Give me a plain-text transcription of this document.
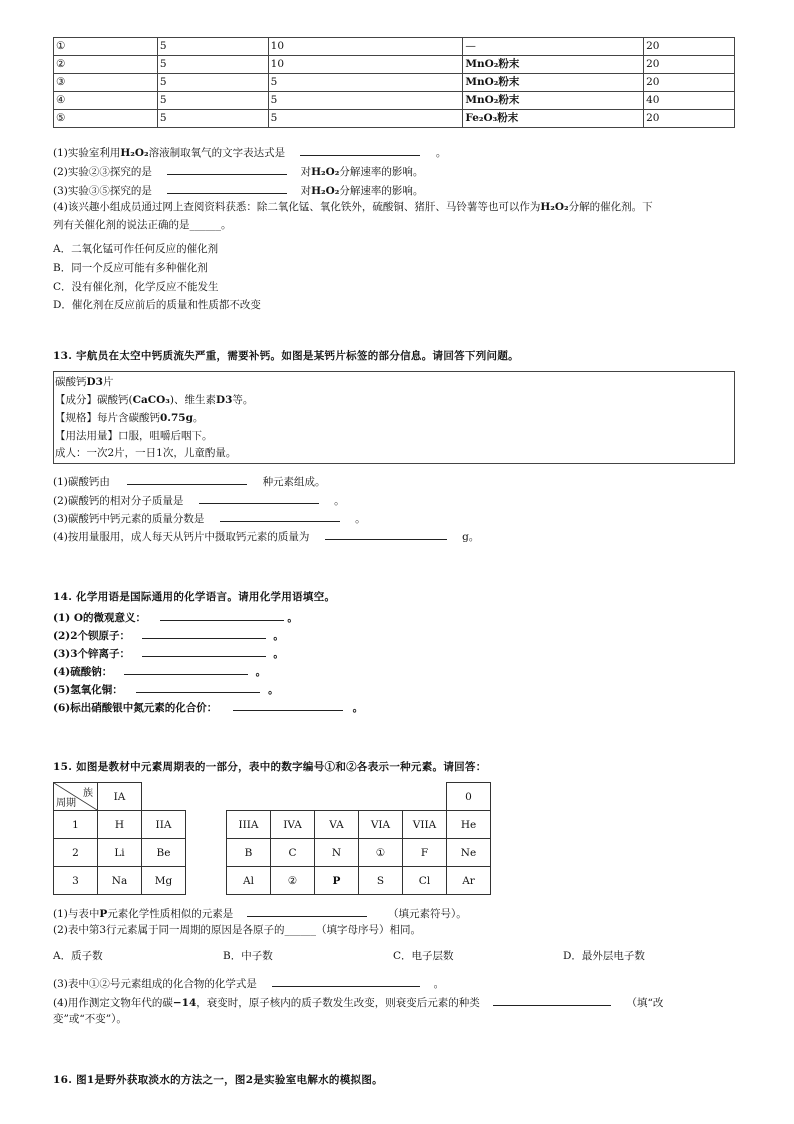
①	5	10	—	20
②	5	10	MnO₂粉末	20
③	5	5	MnO₂粉末	20
④	5	5	MnO₂粉末	40
⑤	5	5	Fe₂O₃粉末	20
(1)实验室利用H₂O₂溶液制取氧气的文字表达式是	。
(2)实验②③探究的是	对H₂O₂分解速率的影响。
(3)实验③⑤探究的是	对H₂O₂分解速率的影响。
(4)该兴趣小组成员通过网上查阅资料获悉：除二氧化锰、氧化铁外，硫酸铜、猪肝、马铃薯等也可以作为H₂O₂分解的催化剂。下
列有关催化剂的说法正确的是______。
A．二氧化锰可作任何反应的催化剂
B．同一个反应可能有多种催化剂
C．没有催化剂，化学反应不能发生
D．催化剂在反应前后的质量和性质都不改变
13. 宇航员在太空中钙质流失严重，需要补钙。如图是某钙片标签的部分信息。请回答下列问题。
碳酸钙D3片
【成分】碳酸钙(CaCO₃)、维生素D3等。
【规格】每片含碳酸钙0.75g。
【用法用量】口服，咀嚼后咽下。
成人：一次2片，一日1次，儿童酌量。
(1)碳酸钙由	种元素组成。
(2)碳酸钙的相对分子质量是	。
(3)碳酸钙中钙元素的质量分数是	。
(4)按用量服用，成人每天从钙片中摄取钙元素的质量为	g。
14. 化学用语是国际通用的化学语言。请用化学用语填空。
(1) O的微观意义：	。
(2)2个钡原子：	。
(3)3个锌离子：	。
(4)硫酸钠：	。
(5)氢氧化铜：	。
(6)标出硝酸银中氮元素的化合价：	。
15. 如图是教材中元素周期表的一部分，表中的数字编号①和②各表示一种元素。请回答：
族
周期	IA								0
1	H	IIA		IIIA	IVA	VA	VIA	VIIA	He
2	Li	Be		B	C	N	①	F	Ne
3	Na	Mg		Al	②	P	S	Cl	Ar
(1)与表中P元素化学性质相似的元素是	（填元素符号）。
(2)表中第3行元素属于同一周期的原因是各原子的______（填字母序号）相同。
A．质子数	B．中子数	C．电子层数	D．最外层电子数
(3)表中①②号元素组成的化合物的化学式是	。
(4)用作测定文物年代的碳−14，衰变时，原子核内的质子数发生改变，则衰变后元素的种类	（填“改
变”或“不变”）。
16. 图1是野外获取淡水的方法之一，图2是实验室电解水的模拟图。
